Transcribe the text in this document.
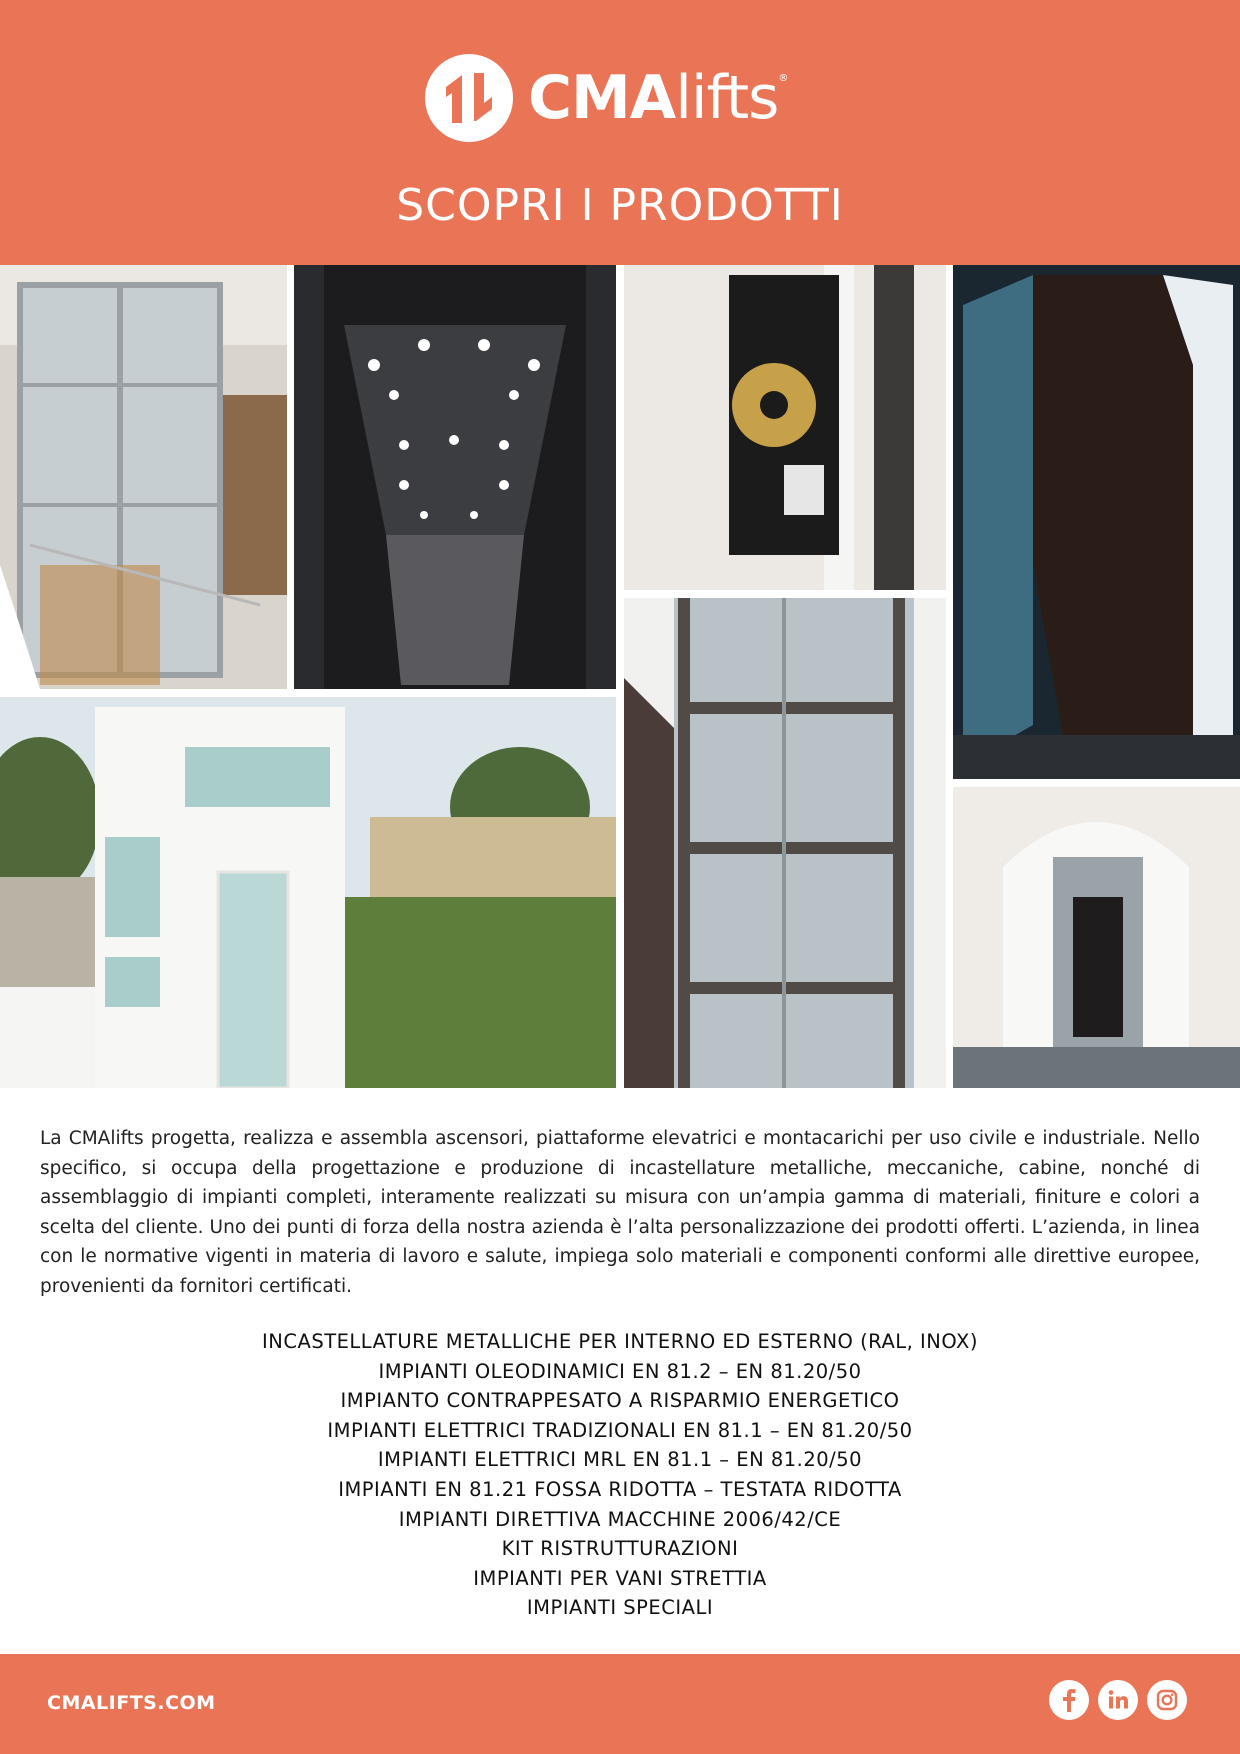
CMAlifts®
SCOPRI I PRODOTTI
La CMAlifts progetta, realizza e assembla ascensori, piattaforme elevatrici e montacarichi per uso civile e industriale. Nello specifico, si occupa della progettazione e produzione di incastellature metalliche, meccaniche, cabine, nonché di assemblaggio di impianti completi, interamente realizzati su misura con un’ampia gamma di materiali, finiture e colori a scelta del cliente. Uno dei punti di forza della nostra azienda è l’alta personalizzazione dei prodotti offerti. L’azienda, in linea con le normative vigenti in materia di lavoro e salute, impiega solo materiali e componenti conformi alle direttive europee, provenienti da fornitori certificati.
INCASTELLATURE METALLICHE PER INTERNO ED ESTERNO (RAL, INOX)
IMPIANTI OLEODINAMICI EN 81.2 – EN 81.20/50
IMPIANTO CONTRAPPESATO A RISPARMIO ENERGETICO
IMPIANTI ELETTRICI TRADIZIONALI EN 81.1 – EN 81.20/50
IMPIANTI ELETTRICI MRL EN 81.1 – EN 81.20/50
IMPIANTI EN 81.21 FOSSA RIDOTTA – TESTATA RIDOTTA
IMPIANTI DIRETTIVA MACCHINE 2006/42/CE
KIT RISTRUTTURAZIONI
IMPIANTI PER VANI STRETTIA
IMPIANTI SPECIALI
CMALIFTS.COM
